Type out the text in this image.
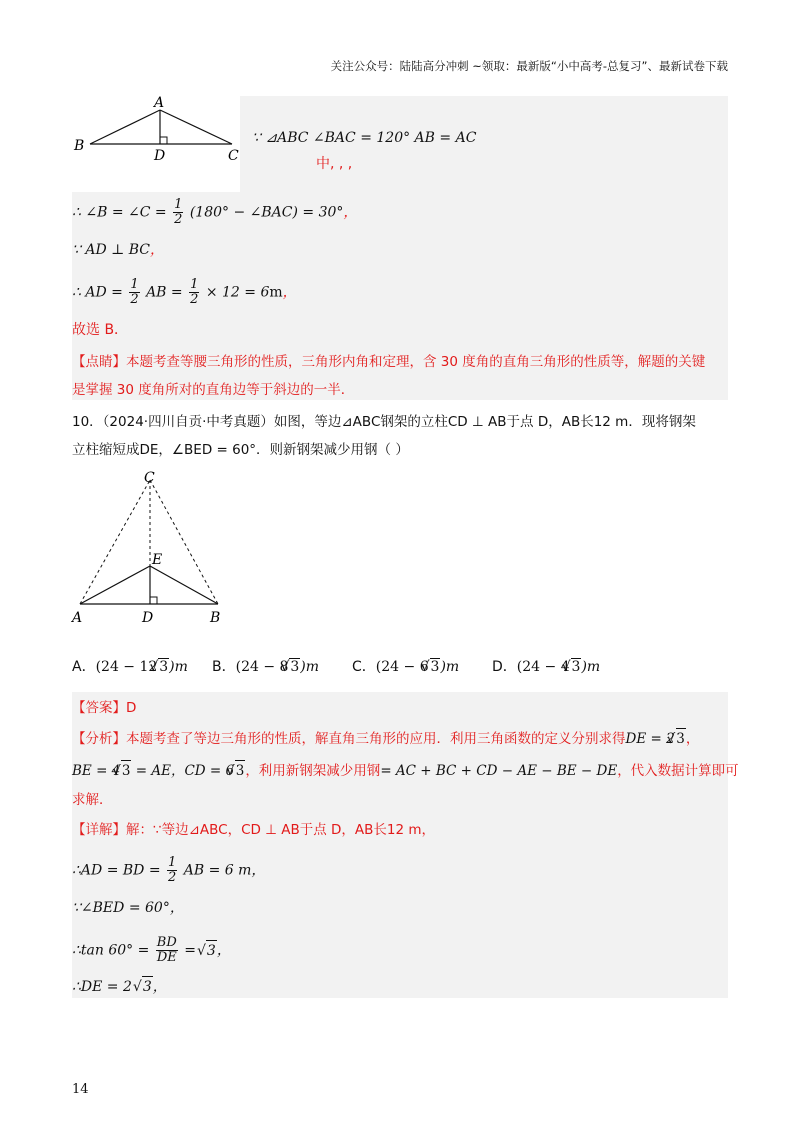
关注公众号：陆陆高分冲刺 ~领取：最新版“小中高考-总复习”、最新试卷下载
A
B
C
D
∵ ⊿ABC ∠BAC = 120° AB = AC
中, , ,
∴ ∠B = ∠C = $\frac{1}{2} (180^\circ$ − ∠BAC) = 30°，
∵ AD ⊥ BC，
∴ AD = $\frac{1}{2}$ AB = $\frac{1}{2} \times 12 = 6m$，
故选 B．
【点睛】本题考查等腰三角形的性质，三角形内角和定理，含 30 度角的直角三角形的性质等，解题的关键
是掌握 30 度角所对的直角边等于斜边的一半．
10．（2024·四川自贡·中考真题）如图，等边⊿ABC钢架的立柱CD ⊥ AB于点 D，AB长12 m．现将钢架
立柱缩短成DE，∠BED = 60°．则新钢架减少用钢（ ）
C
E
A	D	B
A．(24 − 12 √ 3)m B．(24 − 8 √ 3)m C．(24 − 6 √ 3)m D．(24 − 4 √ 3)m
【答案】D
【分析】本题考查了等边三角形的性质，解直角三角形的应用．利用三角函数的定义分别求得DE = 2 √ 3，
BE = 4 √ 3 = AE，CD = 6 √ 3，利用新钢架减少用钢= AC + BC + CD − AE − BE − DE，代入数据计算即可
求解．
【详解】解：∵等边⊿ABC，CD ⊥ AB于点 D，AB长12 m，
∴AD = BD = $\frac{1}{2}$ AB = 6 m，
∵∠BED = 60°，
∴tan $60^\circ = \frac{BD}{DE}$ = √ 3，
∴DE = 2 √ 3，
14
